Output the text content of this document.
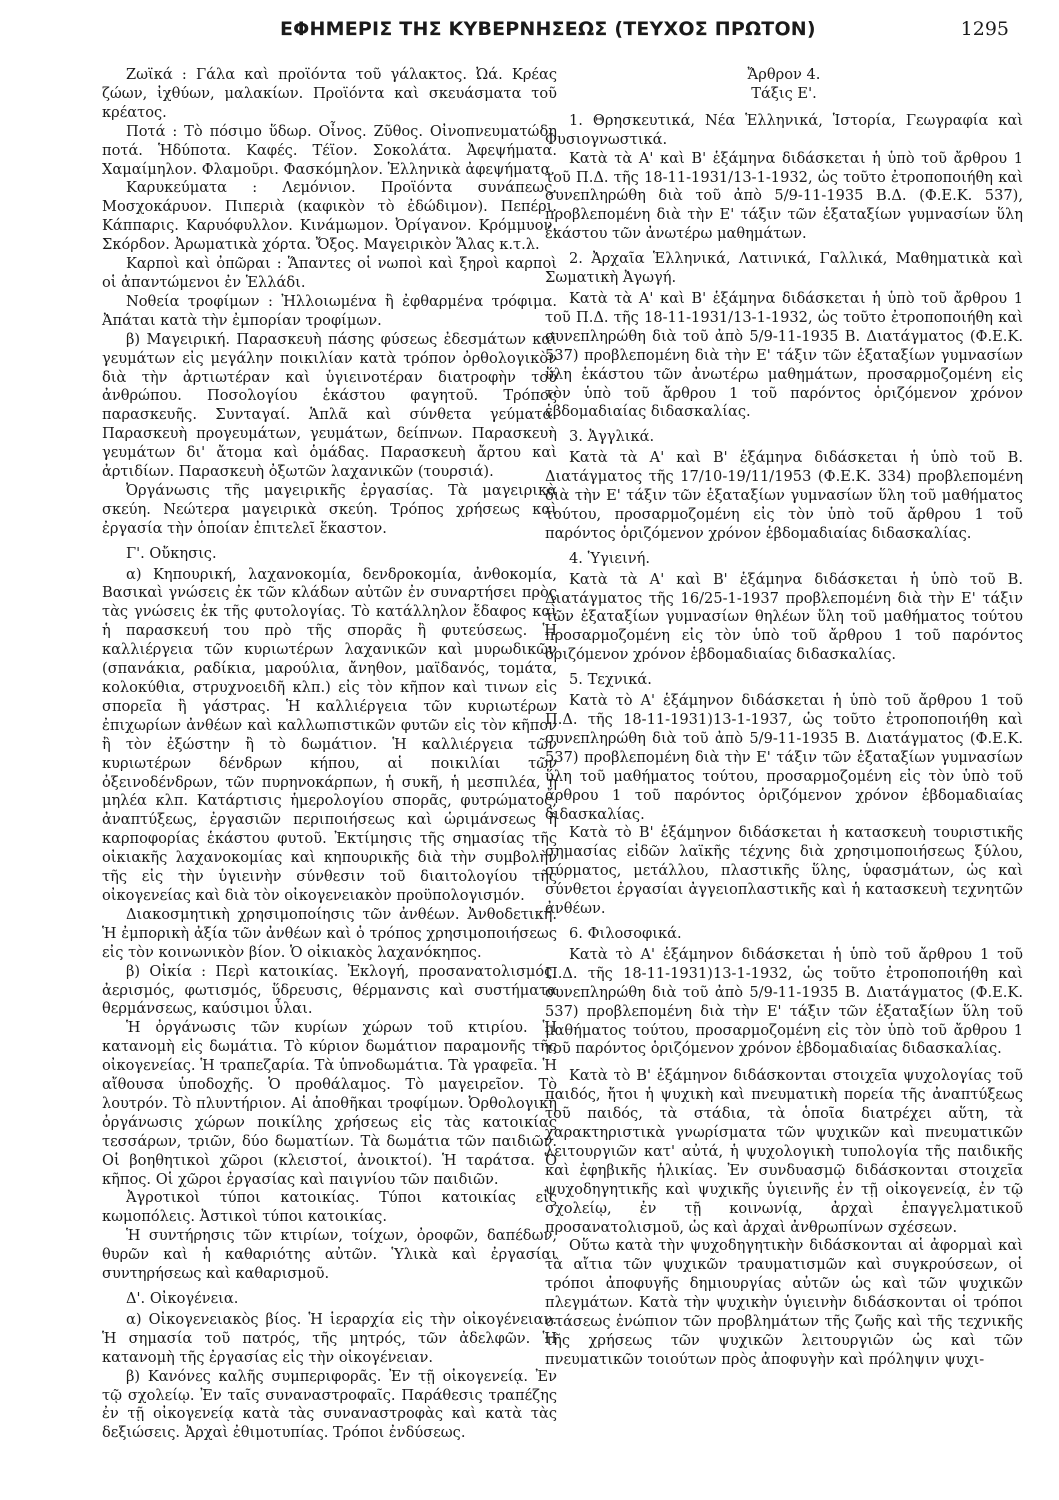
ΕΦΗΜΕΡΙΣ ΤΗΣ ΚΥΒΕΡΝΗΣΕΩΣ (ΤΕΥΧΟΣ ΠΡΩΤΟΝ)	1295

Ζωϊκά : Γάλα καὶ προϊόντα τοῦ γάλακτος. Ὠά. Κρέας ζώων, ἰχθύων, μαλακίων. Προϊόντα καὶ σκευάσματα τοῦ κρέατος.

Ποτά : Τὸ πόσιμο ὕδωρ. Οἶνος. Ζῦθος. Οἰνοπνευματώδη ποτά. Ἡδύποτα. Καφές. Τέϊον. Σοκολάτα. Ἀφεψήματα. Χαμαίμηλον. Φλαμοῦρι. Φασκόμηλον. Ἑλληνικὰ ἀφεψήματα.

Καρυκεύματα : Λεμόνιον. Προϊόντα συνάπεως. Μοσχοκάρυον. Πιπεριὰ (καφικὸν τὸ ἐδώδιμον). Πεπέρι. Κάππαρις. Καρυόφυλλον. Κινάμωμον. Ὀρίγανον. Κρόμμυον. Σκόρδον. Ἀρωματικὰ χόρτα. Ὄξος. Μαγειρικὸν Ἅλας κ.τ.λ.

Καρποὶ καὶ ὀπῶραι : Ἅπαντες οἱ νωποὶ καὶ ξηροὶ καρποὶ οἱ ἀπαντώμενοι ἐν Ἑλλάδι.

Νοθεία τροφίμων : Ἠλλοιωμένα ἢ ἐφθαρμένα τρόφιμα. Ἀπάται κατὰ τὴν ἐμπορίαν τροφίμων.

β) Μαγειρική. Παρασκευὴ πάσης φύσεως ἐδεσμάτων καὶ γευμάτων εἰς μεγάλην ποικιλίαν κατὰ τρόπον ὀρθολογικὸν διὰ τὴν ἀρτιωτέραν καὶ ὑγιεινοτέραν διατροφὴν τοῦ ἀνθρώπου. Ποσολογίου ἑκάστου φαγητοῦ. Τρόπος παρασκευῆς. Συνταγαί. Ἁπλᾶ καὶ σύνθετα γεύματα. Παρασκευὴ προγευμάτων, γευμάτων, δείπνων. Παρασκευὴ γευμάτων δι' ἄτομα καὶ ὁμάδας. Παρασκευὴ ἄρτου καὶ ἀρτιδίων. Παρασκευὴ ὀξωτῶν λαχανικῶν (τουρσιά).

Ὀργάνωσις τῆς μαγειρικῆς ἐργασίας. Τὰ μαγειρικὰ σκεύη. Νεώτερα μαγειρικὰ σκεύη. Τρόπος χρήσεως καὶ ἐργασία τὴν ὁποίαν ἐπιτελεῖ ἕκαστον.

Γ'. Οὔκησις.

α) Κηπουρική, λαχανοκομία, δενδροκομία, ἀνθοκομία, Βασικαὶ γνώσεις ἐκ τῶν κλάδων αὐτῶν ἐν συναρτήσει πρὸς τὰς γνώσεις ἐκ τῆς φυτολογίας. Τὸ κατάλληλον ἔδαφος καὶ ἡ παρασκευή του πρὸ τῆς σπορᾶς ἢ φυτεύσεως. Ἡ καλλιέργεια τῶν κυριωτέρων λαχανικῶν καὶ μυρωδικῶν (σπανάκια, ραδίκια, μαρούλια, ἄνηθον, μαϊδανός, τομάτα, κολοκύθια, στρυχνοειδῆ κλπ.) εἰς τὸν κῆπον καὶ τινων εἰς σπορεῖα ἢ γάστρας. Ἡ καλλιέργεια τῶν κυριωτέρων ἐπιχωρίων ἀνθέων καὶ καλλωπιστικῶν φυτῶν εἰς τὸν κῆπον ἢ τὸν ἐξώστην ἢ τὸ δωμάτιον. Ἡ καλλιέργεια τῶν κυριωτέρων δένδρων κήπου, αἱ ποικιλίαι τῶν ὀξεινοδένδρων, τῶν πυρηνοκάρπων, ἡ συκῆ, ἡ μεσπιλέα, ἡ μηλέα κλπ. Κατάρτισις ἡμερολογίου σπορᾶς, φυτρώματος, ἀναπτύξεως, ἐργασιῶν περιποιήσεως καὶ ὡριμάνσεως ἢ καρποφορίας ἑκάστου φυτοῦ. Ἐκτίμησις τῆς σημασίας τῆς οἰκιακῆς λαχανοκομίας καὶ κηπουρικῆς διὰ τὴν συμβολὴν τῆς εἰς τὴν ὑγιεινὴν σύνθεσιν τοῦ διαιτολογίου τῆς οἰκογενείας καὶ διὰ τὸν οἰκογενειακὸν προϋπολογισμόν.

Διακοσμητικὴ χρησιμοποίησις τῶν ἀνθέων. Ἀνθοδετική. Ἡ ἐμπορικὴ ἀξία τῶν ἀνθέων καὶ ὁ τρόπος χρησιμοποιήσεως εἰς τὸν κοινωνικὸν βίον. Ὁ οἰκιακὸς λαχανόκηπος.

β) Οἰκία : Περὶ κατοικίας. Ἐκλογή, προσανατολισμός, ἀερισμός, φωτισμός, ὕδρευσις, θέρμανσις καὶ συστήματα θερμάνσεως, καύσιμοι ὗλαι.

Ἡ ὀργάνωσις τῶν κυρίων χώρων τοῦ κτιρίου. Ἡ κατανομὴ εἰς δωμάτια. Τὸ κύριον δωμάτιον παραμονῆς τῆς οἰκογενείας. Ἡ τραπεζαρία. Τὰ ὑπνοδωμάτια. Τὰ γραφεῖα. Ἡ αἴθουσα ὑποδοχῆς. Ὁ προθάλαμος. Τὸ μαγειρεῖον. Τὸ λουτρόν. Τὸ πλυντήριον. Αἱ ἀποθῆκαι τροφίμων. Ὀρθολογικὴ ὀργάνωσις χώρων ποικίλης χρήσεως εἰς τὰς κατοικίας τεσσάρων, τριῶν, δύο δωματίων. Τὰ δωμάτια τῶν παιδιῶν. Οἱ βοηθητικοὶ χῶροι (κλειστοί, ἀνοικτοί). Ἡ ταράτσα. Ὁ κῆπος. Οἱ χῶροι ἐργασίας καὶ παιγνίου τῶν παιδιῶν.

Ἀγροτικοὶ τύποι κατοικίας. Τύποι κατοικίας εἰς κωμοπόλεις. Ἀστικοὶ τύποι κατοικίας.

Ἡ συντήρησις τῶν κτιρίων, τοίχων, ὀροφῶν, δαπέδων, θυρῶν καὶ ἡ καθαριότης αὐτῶν. Ὑλικὰ καὶ ἐργασίαι συντηρήσεως καὶ καθαρισμοῦ.

Δ'. Οἰκογένεια.

α) Οἰκογενειακὸς βίος. Ἡ ἱεραρχία εἰς τὴν οἰκογένειαν. Ἡ σημασία τοῦ πατρός, τῆς μητρός, τῶν ἀδελφῶν. Ἡ κατανομὴ τῆς ἐργασίας εἰς τὴν οἰκογένειαν.

β) Κανόνες καλῆς συμπεριφορᾶς. Ἐν τῇ οἰκογενείᾳ. Ἐν τῷ σχολείῳ. Ἐν ταῖς συναναστροφαῖς. Παράθεσις τραπέζης ἐν τῇ οἰκογενείᾳ κατὰ τὰς συναναστροφὰς καὶ κατὰ τὰς δεξιώσεις. Ἀρχαὶ ἐθιμοτυπίας. Τρόποι ἐνδύσεως.

Ἄρθρον 4.

Τάξις Ε'.

1. Θρησκευτικά, Νέα Ἑλληνικά, Ἱστορία, Γεωγραφία καὶ Φυσιογνωστικά.

Κατὰ τὰ Α' καὶ Β' ἑξάμηνα διδάσκεται ἡ ὑπὸ τοῦ ἄρθρου 1 τοῦ Π.Δ. τῆς 18-11-1931/13-1-1932, ὡς τοῦτο ἐτροποποιήθη καὶ συνεπληρώθη διὰ τοῦ ἀπὸ 5/9-11-1935 Β.Δ. (Φ.Ε.Κ. 537), προβλεπομένη διὰ τὴν Ε' τάξιν τῶν ἑξαταξίων γυμνασίων ὕλη ἑκάστου τῶν ἀνωτέρω μαθημάτων.

2. Ἀρχαῖα Ἑλληνικά, Λατινικά, Γαλλικά, Μαθηματικὰ καὶ Σωματικὴ Ἀγωγή.

Κατὰ τὰ Α' καὶ Β' ἑξάμηνα διδάσκεται ἡ ὑπὸ τοῦ ἄρθρου 1 τοῦ Π.Δ. τῆς 18-11-1931/13-1-1932, ὡς τοῦτο ἐτροποποιήθη καὶ συνεπληρώθη διὰ τοῦ ἀπὸ 5/9-11-1935 Β. Διατάγματος (Φ.Ε.Κ. 537) προβλεπομένη διὰ τὴν Ε' τάξιν τῶν ἑξαταξίων γυμνασίων ὕλη ἑκάστου τῶν ἀνωτέρω μαθημάτων, προσαρμοζομένη εἰς τὸν ὑπὸ τοῦ ἄρθρου 1 τοῦ παρόντος ὁριζόμενον χρόνον ἑβδομαδιαίας διδασκαλίας.

3. Ἀγγλικά.

Κατὰ τὰ Α' καὶ Β' ἑξάμηνα διδάσκεται ἡ ὑπὸ τοῦ Β. Διατάγματος τῆς 17/10-19/11/1953 (Φ.Ε.Κ. 334) προβλεπομένη διὰ τὴν Ε' τάξιν τῶν ἑξαταξίων γυμνασίων ὕλη τοῦ μαθήματος τούτου, προσαρμοζομένη εἰς τὸν ὑπὸ τοῦ ἄρθρου 1 τοῦ παρόντος ὁριζόμενον χρόνον ἑβδομαδιαίας διδασκαλίας.

4. Ὑγιεινή.

Κατὰ τὰ Α' καὶ Β' ἑξάμηνα διδάσκεται ἡ ὑπὸ τοῦ Β. Διατάγματος τῆς 16/25-1-1937 προβλεπομένη διὰ τὴν Ε' τάξιν τῶν ἑξαταξίων γυμνασίων θηλέων ὕλη τοῦ μαθήματος τούτου προσαρμοζομένη εἰς τὸν ὑπὸ τοῦ ἄρθρου 1 τοῦ παρόντος ὁριζόμενον χρόνον ἑβδομαδιαίας διδασκαλίας.

5. Τεχνικά.

Κατὰ τὸ Α' ἑξάμηνον διδάσκεται ἡ ὑπὸ τοῦ ἄρθρου 1 τοῦ Π.Δ. τῆς 18-11-1931)13-1-1937, ὡς τοῦτο ἐτροποποιήθη καὶ συνεπληρώθη διὰ τοῦ ἀπὸ 5/9-11-1935 Β. Διατάγματος (Φ.Ε.Κ. 537) προβλεπομένη διὰ τὴν Ε' τάξιν τῶν ἑξαταξίων γυμνασίων ὕλη τοῦ μαθήματος τούτου, προσαρμοζομένη εἰς τὸν ὑπὸ τοῦ ἄρθρου 1 τοῦ παρόντος ὁριζόμενον χρόνον ἑβδομαδιαίας διδασκαλίας.

Κατὰ τὸ Β' ἑξάμηνον διδάσκεται ἡ κατασκευὴ τουριστικῆς σημασίας εἰδῶν λαϊκῆς τέχνης διὰ χρησιμοποιήσεως ξύλου, σύρματος, μετάλλου, πλαστικῆς ὕλης, ὑφασμάτων, ὡς καὶ σύνθετοι ἐργασίαι ἀγγειοπλαστικῆς καὶ ἡ κατασκευὴ τεχνητῶν ἀνθέων.

6. Φιλοσοφικά.

Κατὰ τὸ Α' ἑξάμηνον διδάσκεται ἡ ὑπὸ τοῦ ἄρθρου 1 τοῦ Π.Δ. τῆς 18-11-1931)13-1-1932, ὡς τοῦτο ἐτροποποιήθη καὶ συνεπληρώθη διὰ τοῦ ἀπὸ 5/9-11-1935 Β. Διατάγματος (Φ.Ε.Κ. 537) προβλεπομένη διὰ τὴν Ε' τάξιν τῶν ἑξαταξίων ὕλη τοῦ μαθήματος τούτου, προσαρμοζομένη εἰς τὸν ὑπὸ τοῦ ἄρθρου 1 τοῦ παρόντος ὁριζόμενον χρόνον ἑβδομαδιαίας διδασκαλίας.

Κατὰ τὸ Β' ἑξάμηνον διδάσκονται στοιχεῖα ψυχολογίας τοῦ παιδός, ἤτοι ἡ ψυχικὴ καὶ πνευματικὴ πορεία τῆς ἀναπτύξεως τοῦ παιδός, τὰ στάδια, τὰ ὁποῖα διατρέχει αὕτη, τὰ χαρακτηριστικὰ γνωρίσματα τῶν ψυχικῶν καὶ πνευματικῶν λειτουργιῶν κατ' αὐτά, ἡ ψυχολογικὴ τυπολογία τῆς παιδικῆς καὶ ἐφηβικῆς ἡλικίας. Ἐν συνδυασμῷ διδάσκονται στοιχεῖα ψυχοδηγητικῆς καὶ ψυχικῆς ὑγιεινῆς ἐν τῇ οἰκογενείᾳ, ἐν τῷ σχολείῳ, ἐν τῇ κοινωνίᾳ, ἀρχαὶ ἐπαγγελματικοῦ προσανατολισμοῦ, ὡς καὶ ἀρχαὶ ἀνθρωπίνων σχέσεων.

Οὕτω κατὰ τὴν ψυχοδηγητικὴν διδάσκονται αἱ ἀφορμαὶ καὶ τὰ αἴτια τῶν ψυχικῶν τραυματισμῶν καὶ συγκρούσεων, οἱ τρόποι ἀποφυγῆς δημιουργίας αὐτῶν ὡς καὶ τῶν ψυχικῶν πλεγμάτων. Κατὰ τὴν ψυχικὴν ὑγιεινὴν διδάσκονται οἱ τρόποι στάσεως ἐνώπιον τῶν προβλημάτων τῆς ζωῆς καὶ τῆς τεχνικῆς τῆς χρήσεως τῶν ψυχικῶν λειτουργιῶν ὡς καὶ τῶν πνευματικῶν τοιούτων πρὸς ἀποφυγὴν καὶ πρόληψιν ψυχι-
